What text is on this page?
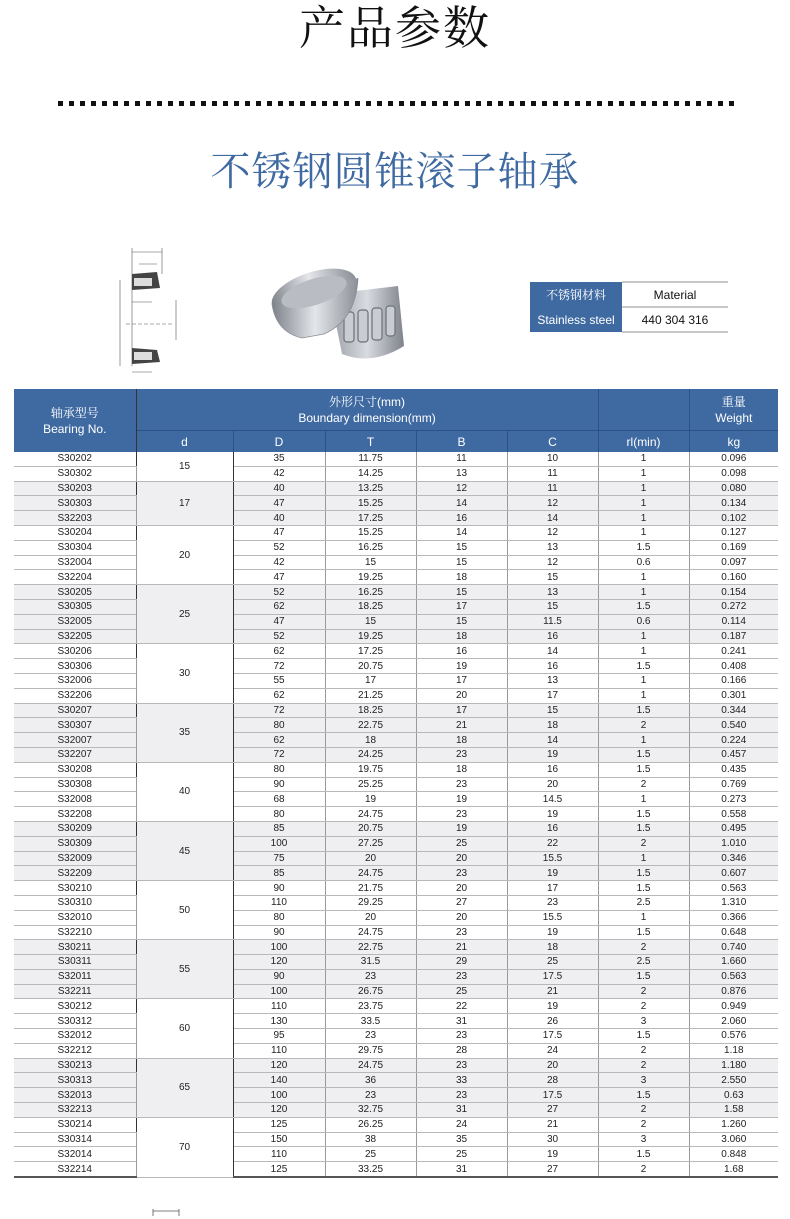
产品参数
不锈钢圆锥滚子轴承
不锈钢材料	Material
Stainless steel	440 304 316
轴承型号
Bearing No.

外形尺寸(mm)
Boundary dimension(mm)

重量
Weight

	d	D	T	B	C	rl(min)	kg
S30202	15	35	11.75	11	10	1	0.096
S30302		42	14.25	13	11	1	0.098
S30203	17	40	13.25	12	11	1	0.080
S30303		47	15.25	14	12	1	0.134
S32203		40	17.25	16	14	1	0.102
S30204	20	47	15.25	14	12	1	0.127
S30304		52	16.25	15	13	1.5	0.169
S32004		42	15	15	12	0.6	0.097
S32204		47	19.25	18	15	1	0.160
S30205	25	52	16.25	15	13	1	0.154
S30305		62	18.25	17	15	1.5	0.272
S32005		47	15	15	11.5	0.6	0.114
S32205		52	19.25	18	16	1	0.187
S30206	30	62	17.25	16	14	1	0.241
S30306		72	20.75	19	16	1.5	0.408
S32006		55	17	17	13	1	0.166
S32206		62	21.25	20	17	1	0.301
S30207	35	72	18.25	17	15	1.5	0.344
S30307		80	22.75	21	18	2	0.540
S32007		62	18	18	14	1	0.224
S32207		72	24.25	23	19	1.5	0.457
S30208	40	80	19.75	18	16	1.5	0.435
S30308		90	25.25	23	20	2	0.769
S32008		68	19	19	14.5	1	0.273
S32208		80	24.75	23	19	1.5	0.558
S30209	45	85	20.75	19	16	1.5	0.495
S30309		100	27.25	25	22	2	1.010
S32009		75	20	20	15.5	1	0.346
S32209		85	24.75	23	19	1.5	0.607
S30210	50	90	21.75	20	17	1.5	0.563
S30310		110	29.25	27	23	2.5	1.310
S32010		80	20	20	15.5	1	0.366
S32210		90	24.75	23	19	1.5	0.648
S30211	55	100	22.75	21	18	2	0.740
S30311		120	31.5	29	25	2.5	1.660
S32011		90	23	23	17.5	1.5	0.563
S32211		100	26.75	25	21	2	0.876
S30212	60	110	23.75	22	19	2	0.949
S30312		130	33.5	31	26	3	2.060
S32012		95	23	23	17.5	1.5	0.576
S32212		110	29.75	28	24	2	1.18
S30213	65	120	24.75	23	20	2	1.180
S30313		140	36	33	28	3	2.550
S32013		100	23	23	17.5	1.5	0.63
S32213		120	32.75	31	27	2	1.58
S30214	70	125	26.25	24	21	2	1.260
S30314		150	38	35	30	3	3.060
S32014		110	25	25	19	1.5	0.848
S32214		125	33.25	31	27	2	1.68
